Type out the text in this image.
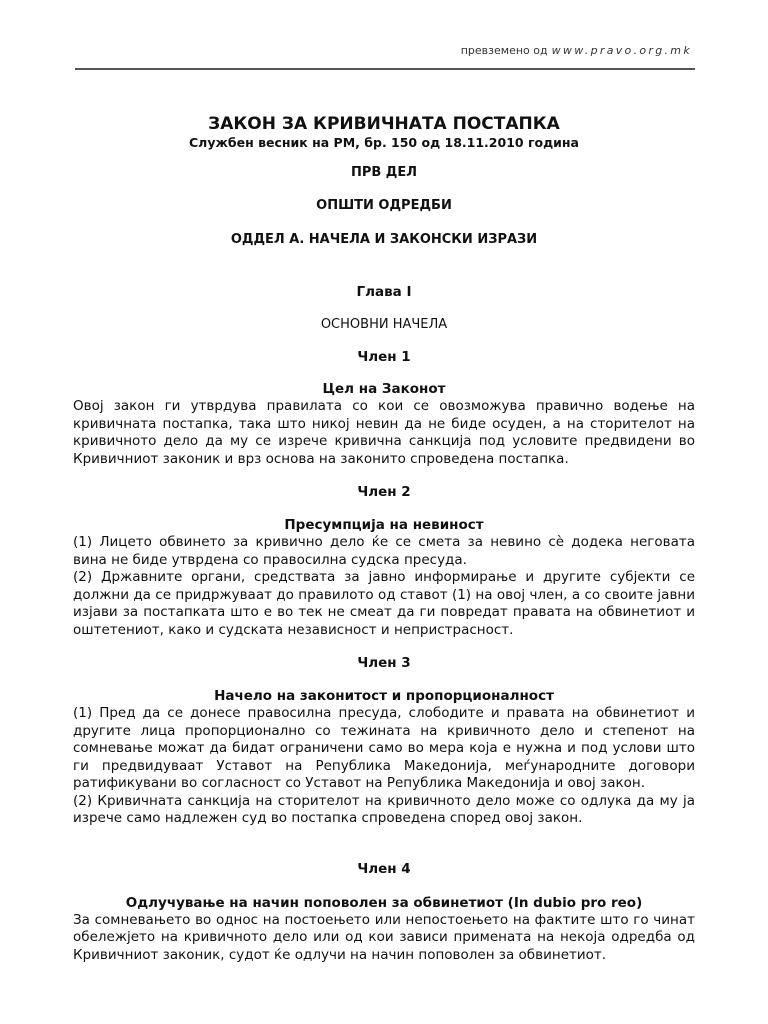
превземено од www.pravo.org.mk

ЗАКОН ЗА КРИВИЧНАТА ПОСТАПКА

Службен весник на РМ, бр. 150 од 18.11.2010 година

ПРВ ДЕЛ

ОПШТИ ОДРЕДБИ

ОДДЕЛ А. НАЧЕЛА И ЗАКОНСКИ ИЗРАЗИ

Глава I

ОСНОВНИ НАЧЕЛА

Член 1

Цел на Законот

Овој закон ги утврдува правилата со кои се овозможува правично водење на кривичната постапка, така што никој невин да не биде осуден, а на сторителот на кривичното дело да му се изрече кривична санкција под условите предвидени во Кривичниот законик и врз основа на законито спроведена постапка.

Член 2

Пресумпција на невиност

(1) Лицето обвинето за кривично дело ќе се смета за невино сè додека неговата вина не биде утврдена со правосилна судска пресуда.

(2) Државните органи, средствата за јавно информирање и другите субјекти се должни да се придржуваат до правилото од ставот (1) на овој член, а со своите јавни изјави за постапката што е во тек не смеат да ги повредат правата на обвинетиот и оштетениот, како и судската независност и непристрасност.

Член 3

Начело на законитост и пропорционалност

(1) Пред да се донесе правосилна пресуда, слободите и правата на обвинетиот и другите лица пропорционално со тежината на кривичното дело и степенот на сомневање можат да бидат ограничени само во мера која е нужна и под услови што ги предвидуваат Уставот на Република Македонија, меѓународните договори ратификувани во согласност со Уставот на Република Македонија и овој закон.

(2) Кривичната санкција на сторителот на кривичното дело може со одлука да му ја изрече само надлежен суд во постапка спроведена според овој закон.

Член 4

Одлучување на начин поповолен за обвинетиот (In dubio pro reo)

За сомневањето во однос на постоењето или непостоењето на фактите што го чинат обележјето на кривичното дело или од кои зависи примената на некоја одредба од Кривичниот законик, судот ќе одлучи на начин поповолен за обвинетиот.
